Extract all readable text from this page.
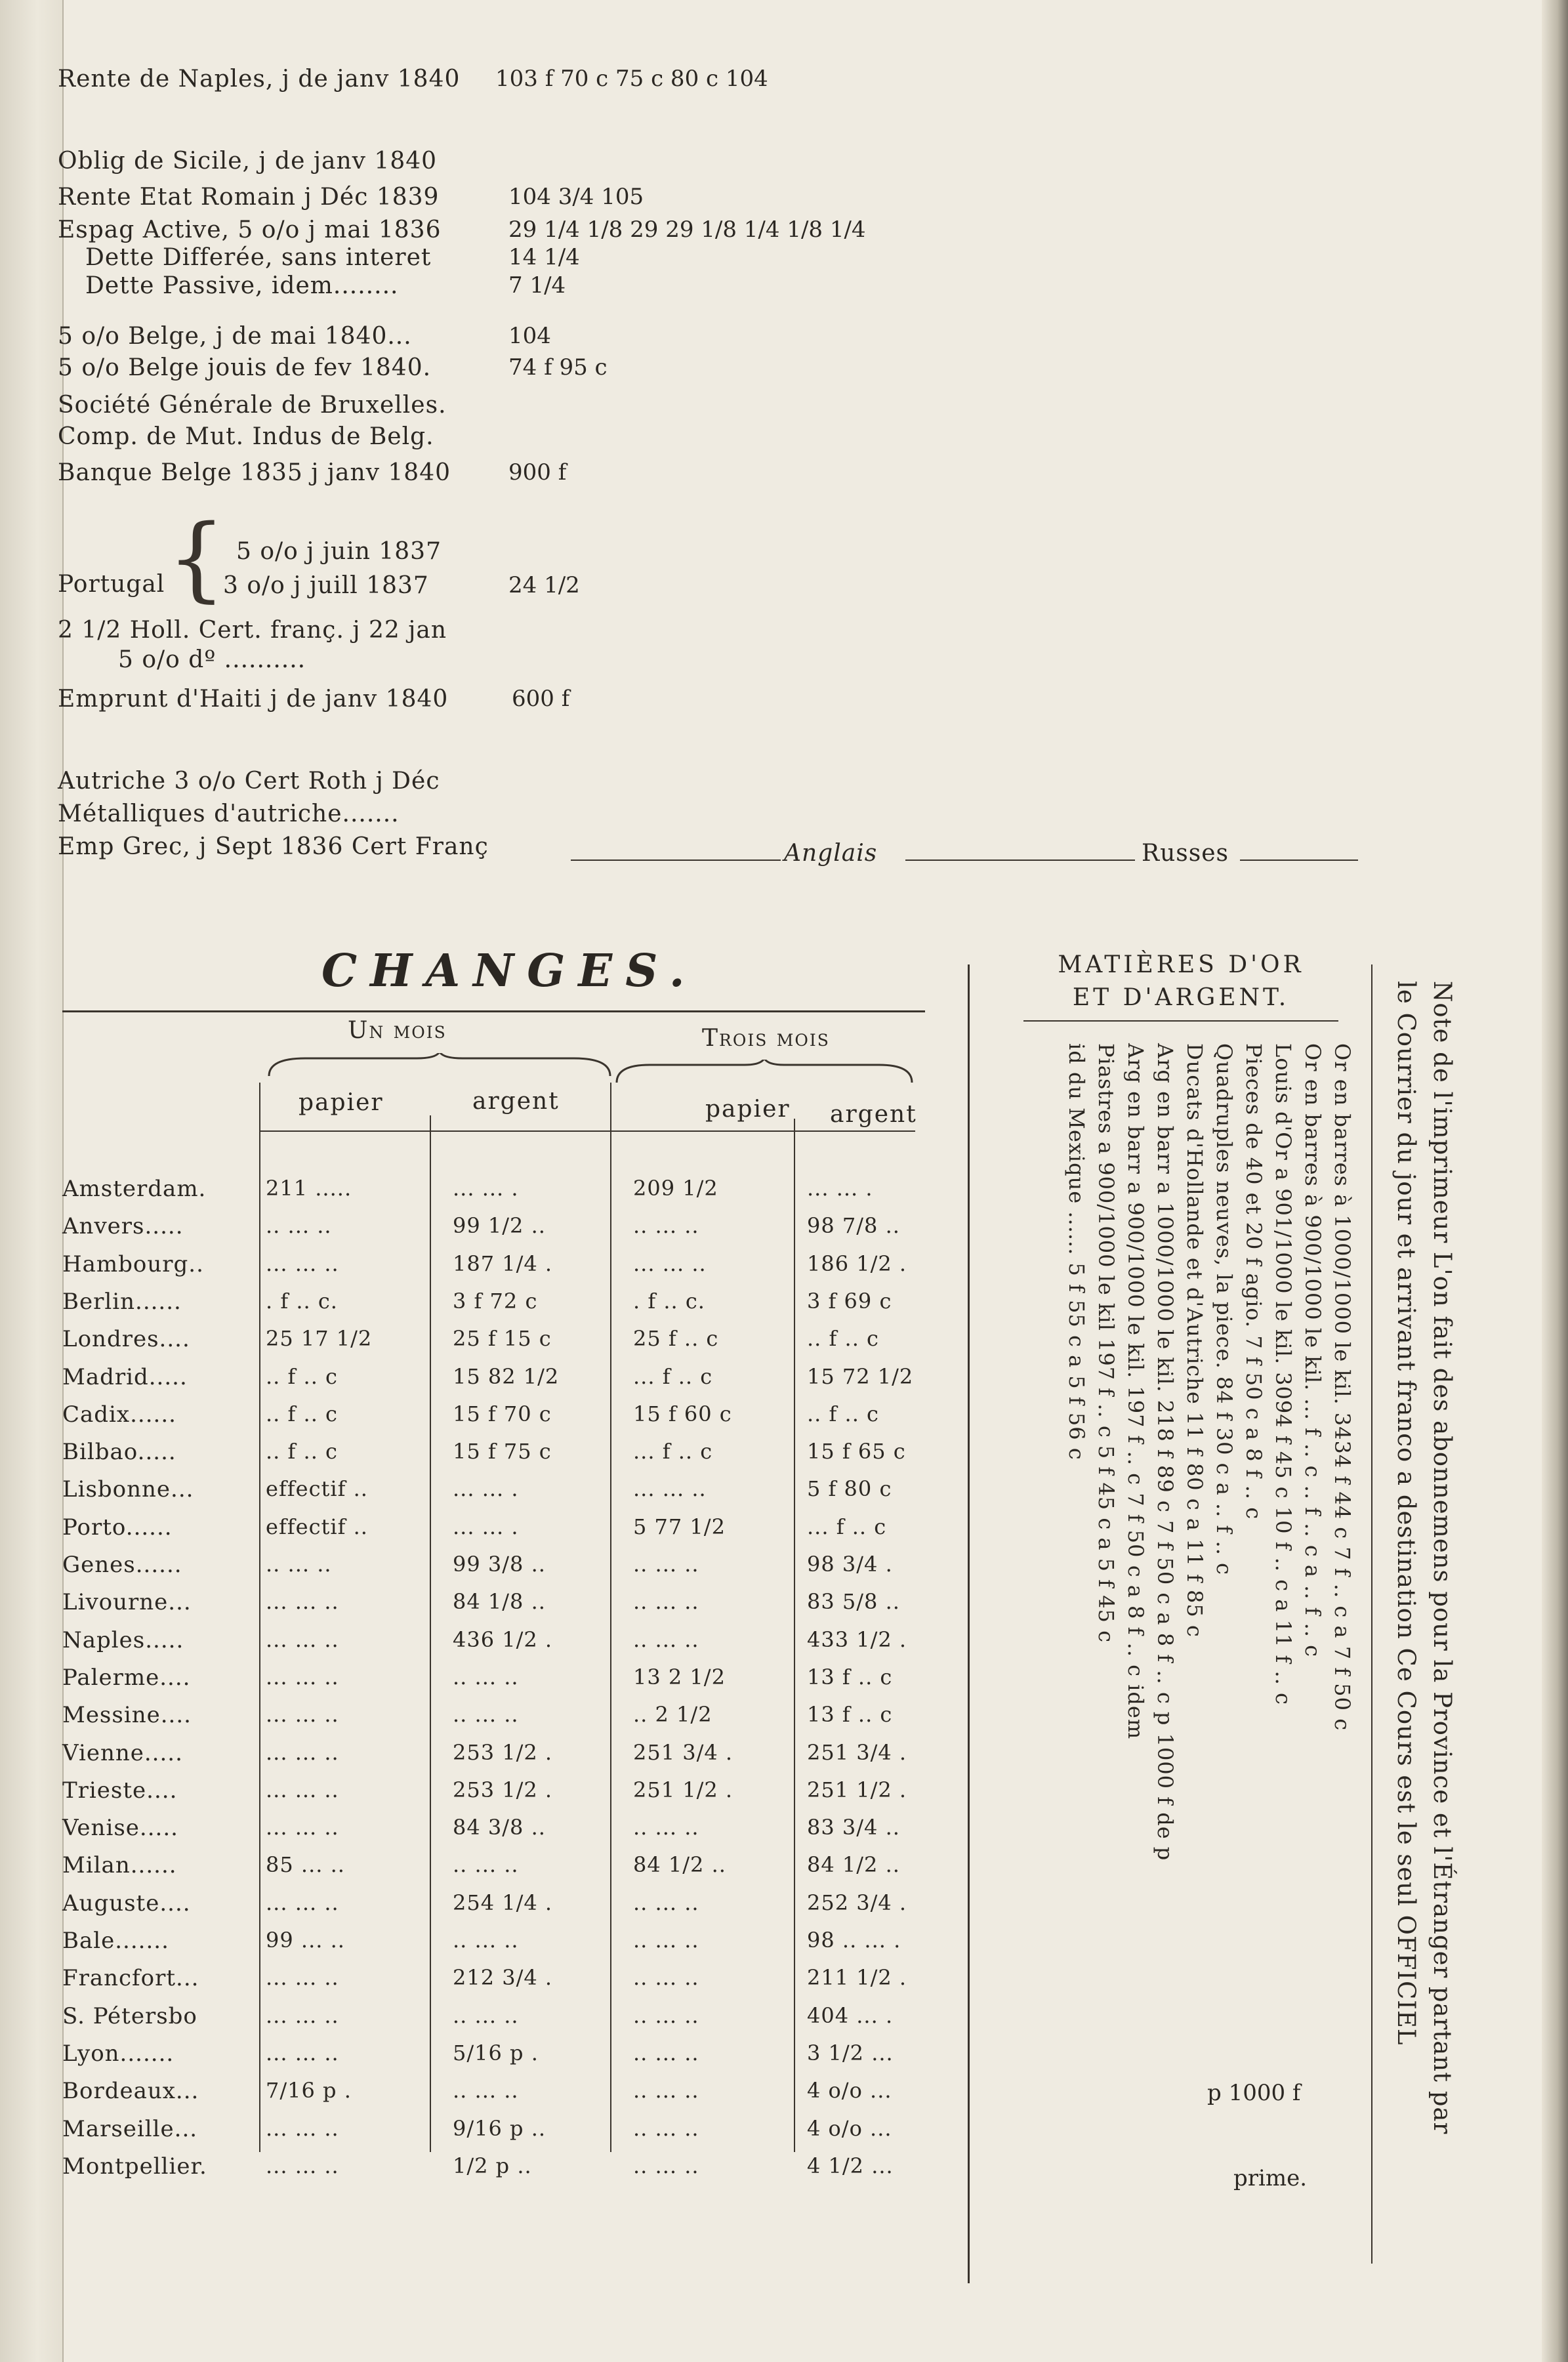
Rente de Naples, j de janv 1840 103 f 70 c 75 c 80 c 104
Oblig de Sicile, j de janv 1840
Rente Etat Romain j Déc 1839	104 3/4 105
Espag Active, 5 o/o j mai 1836	29 1/4 1/8 29 29 1/8 1/4 1/8 1/4
Dette Differée, sans interet	14 1/4
Dette Passive, idem........	7 1/4
5 o/o Belge, j de mai 1840...	104
5 o/o Belge jouis de fev 1840.	74 f 95 c
Société Générale de Bruxelles.
Comp. de Mut. Indus de Belg.
Banque Belge 1835 j janv 1840	900 f
Portugal { 5 o/o j juin 1837
3 o/o j juill 1837	24 1/2
2 1/2 Holl. Cert. franç. j 22 jan
5 o/o dº ..........
Emprunt d'Haiti j de janv 1840	600 f
Autriche 3 o/o Cert Roth j Déc
Métalliques d'autriche.......
Emp Grec, j Sept 1836 Cert Franç	Anglais	Russes
CHANGES.
Un mois	Trois mois
papier	argent	papier argent
Amsterdam.	211 .....	... ... .	209 1/2	... ... .
Anvers.....	.. ... ..	99 1/2 ..	.. ... ..	98 7/8 ..
Hambourg..	... ... ..	187 1/4 .	... ... ..	186 1/2 .
Berlin......	. f .. c.	3 f 72 c	. f .. c.	3 f 69 c
Londres....	25 17 1/2	25 f 15 c	25 f .. c	.. f .. c
Madrid.....	.. f .. c	15 82 1/2	... f .. c	15 72 1/2
Cadix......	.. f .. c	15 f 70 c	15 f 60 c	.. f .. c
Bilbao.....	.. f .. c	15 f 75 c	... f .. c	15 f 65 c
Lisbonne...	effectif ..	... ... .	... ... ..	5 f 80 c
Porto......	effectif ..	... ... .	5 77 1/2	... f .. c
Genes......	.. ... ..	99 3/8 ..	.. ... ..	98 3/4 .
Livourne...	... ... ..	84 1/8 ..	.. ... ..	83 5/8 ..
Naples.....	... ... ..	436 1/2 .	.. ... ..	433 1/2 .
Palerme....	... ... ..	.. ... ..	13 2 1/2	13 f .. c
Messine....	... ... ..	.. ... ..	.. 2 1/2	13 f .. c
Vienne.....	... ... ..	253 1/2 .	251 3/4 .	251 3/4 .
Trieste....	... ... ..	253 1/2 .	251 1/2 .	251 1/2 .
Venise.....	... ... ..	84 3/8 ..	.. ... ..	83 3/4 ..
Milan......	85 ... ..	.. ... ..	84 1/2 ..	84 1/2 ..
Auguste....	... ... ..	254 1/4 .	.. ... ..	252 3/4 .
Bale.......	99 ... ..	.. ... ..	.. ... ..	98 .. ... .
Francfort...	... ... ..	212 3/4 .	.. ... ..	211 1/2 .
S. Pétersbo	... ... ..	.. ... ..	.. ... ..	404 ... .
Lyon.......	... ... ..	5/16 p .	.. ... ..	3 1/2 ...
Bordeaux...	7/16 p .	.. ... ..	.. ... ..	4 o/o ...
Marseille...	... ... ..	9/16 p ..	.. ... ..	4 o/o ...
Montpellier.	... ... ..	1/2 p ..	.. ... ..	4 1/2 ...
MATIÈRES D'OR
ET D'ARGENT.
Or en barres à 1000/1000 le kil. 3434 f 44 c 7 f .. c a 7 f 50 c
Or en barres à 900/1000 le kil. ... f .. c .. f .. c a .. f .. c
Louis d'Or a 901/1000 le kil. 3094 f 45 c 10 f .. c a 11 f .. c
Pieces de 40 et 20 f agio. 7 f 50 c a 8 f .. c
Quadruples neuves, la piece. 84 f 30 c a .. f .. c
Ducats d'Hollande et d'Autriche 11 f 80 c a 11 f 85 c
Arg en barr a 1000/1000 le kil. 218 f 89 c 7 f 50 c a 8 f .. c p 1000 f de p
Arg en barr a 900/1000 le kil. 197 f .. c 7 f 50 c a 8 f .. c idem
Piastres a 900/1000 le kil 197 f .. c 5 f 45 c a 5 f 45 c
id du Mexique ...... 5 f 55 c a 5 f 56 c
p 1000 f
prime.
Note de l'imprimeur L'on fait des abonnemens pour la Province et l'Étranger partant par
le Courrier du jour et arrivant franco a destination Ce Cours est le seul OFFICIEL
